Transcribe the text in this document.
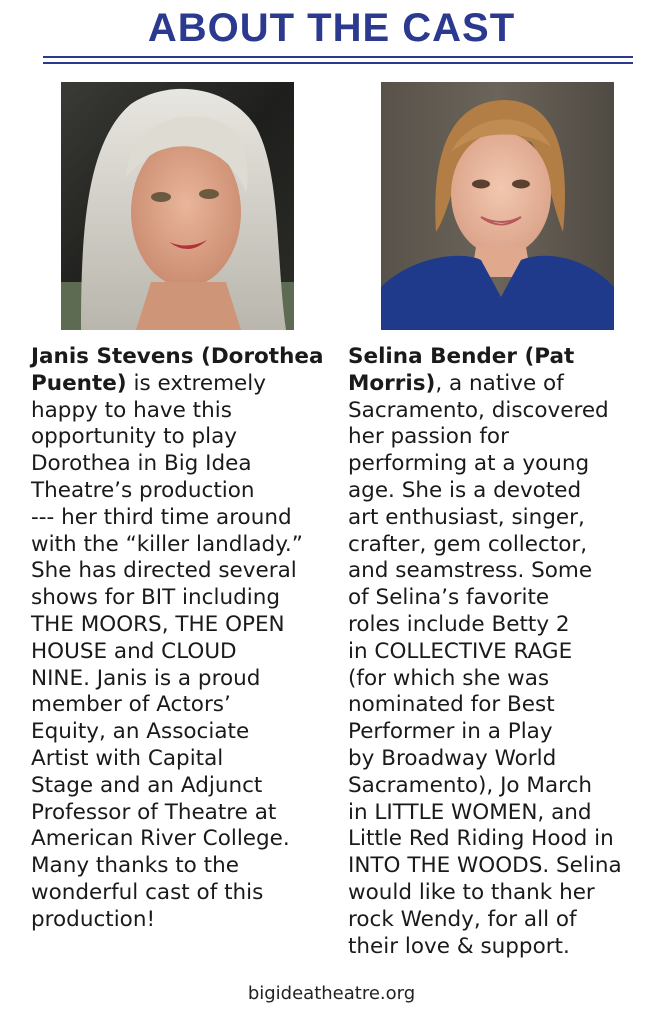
ABOUT THE CAST
Janis Stevens (Dorothea
Puente) is extremely
happy to have this
opportunity to play
Dorothea in Big Idea
Theatre’s production
--- her third time around
with the “killer landlady.”
She has directed several
shows for BIT including
THE MOORS, THE OPEN
HOUSE and CLOUD
NINE. Janis is a proud
member of Actors’
Equity, an Associate
Artist with Capital
Stage and an Adjunct
Professor of Theatre at
American River College.
Many thanks to the
wonderful cast of this
production!
Selina Bender (Pat
Morris), a native of
Sacramento, discovered
her passion for
performing at a young
age. She is a devoted
art enthusiast, singer,
crafter, gem collector,
and seamstress. Some
of Selina’s favorite
roles include Betty 2
in COLLECTIVE RAGE
(for which she was
nominated for Best
Performer in a Play
by Broadway World
Sacramento), Jo March
in LITTLE WOMEN, and
Little Red Riding Hood in
INTO THE WOODS. Selina
would like to thank her
rock Wendy, for all of
their love & support.
bigideatheatre.org
